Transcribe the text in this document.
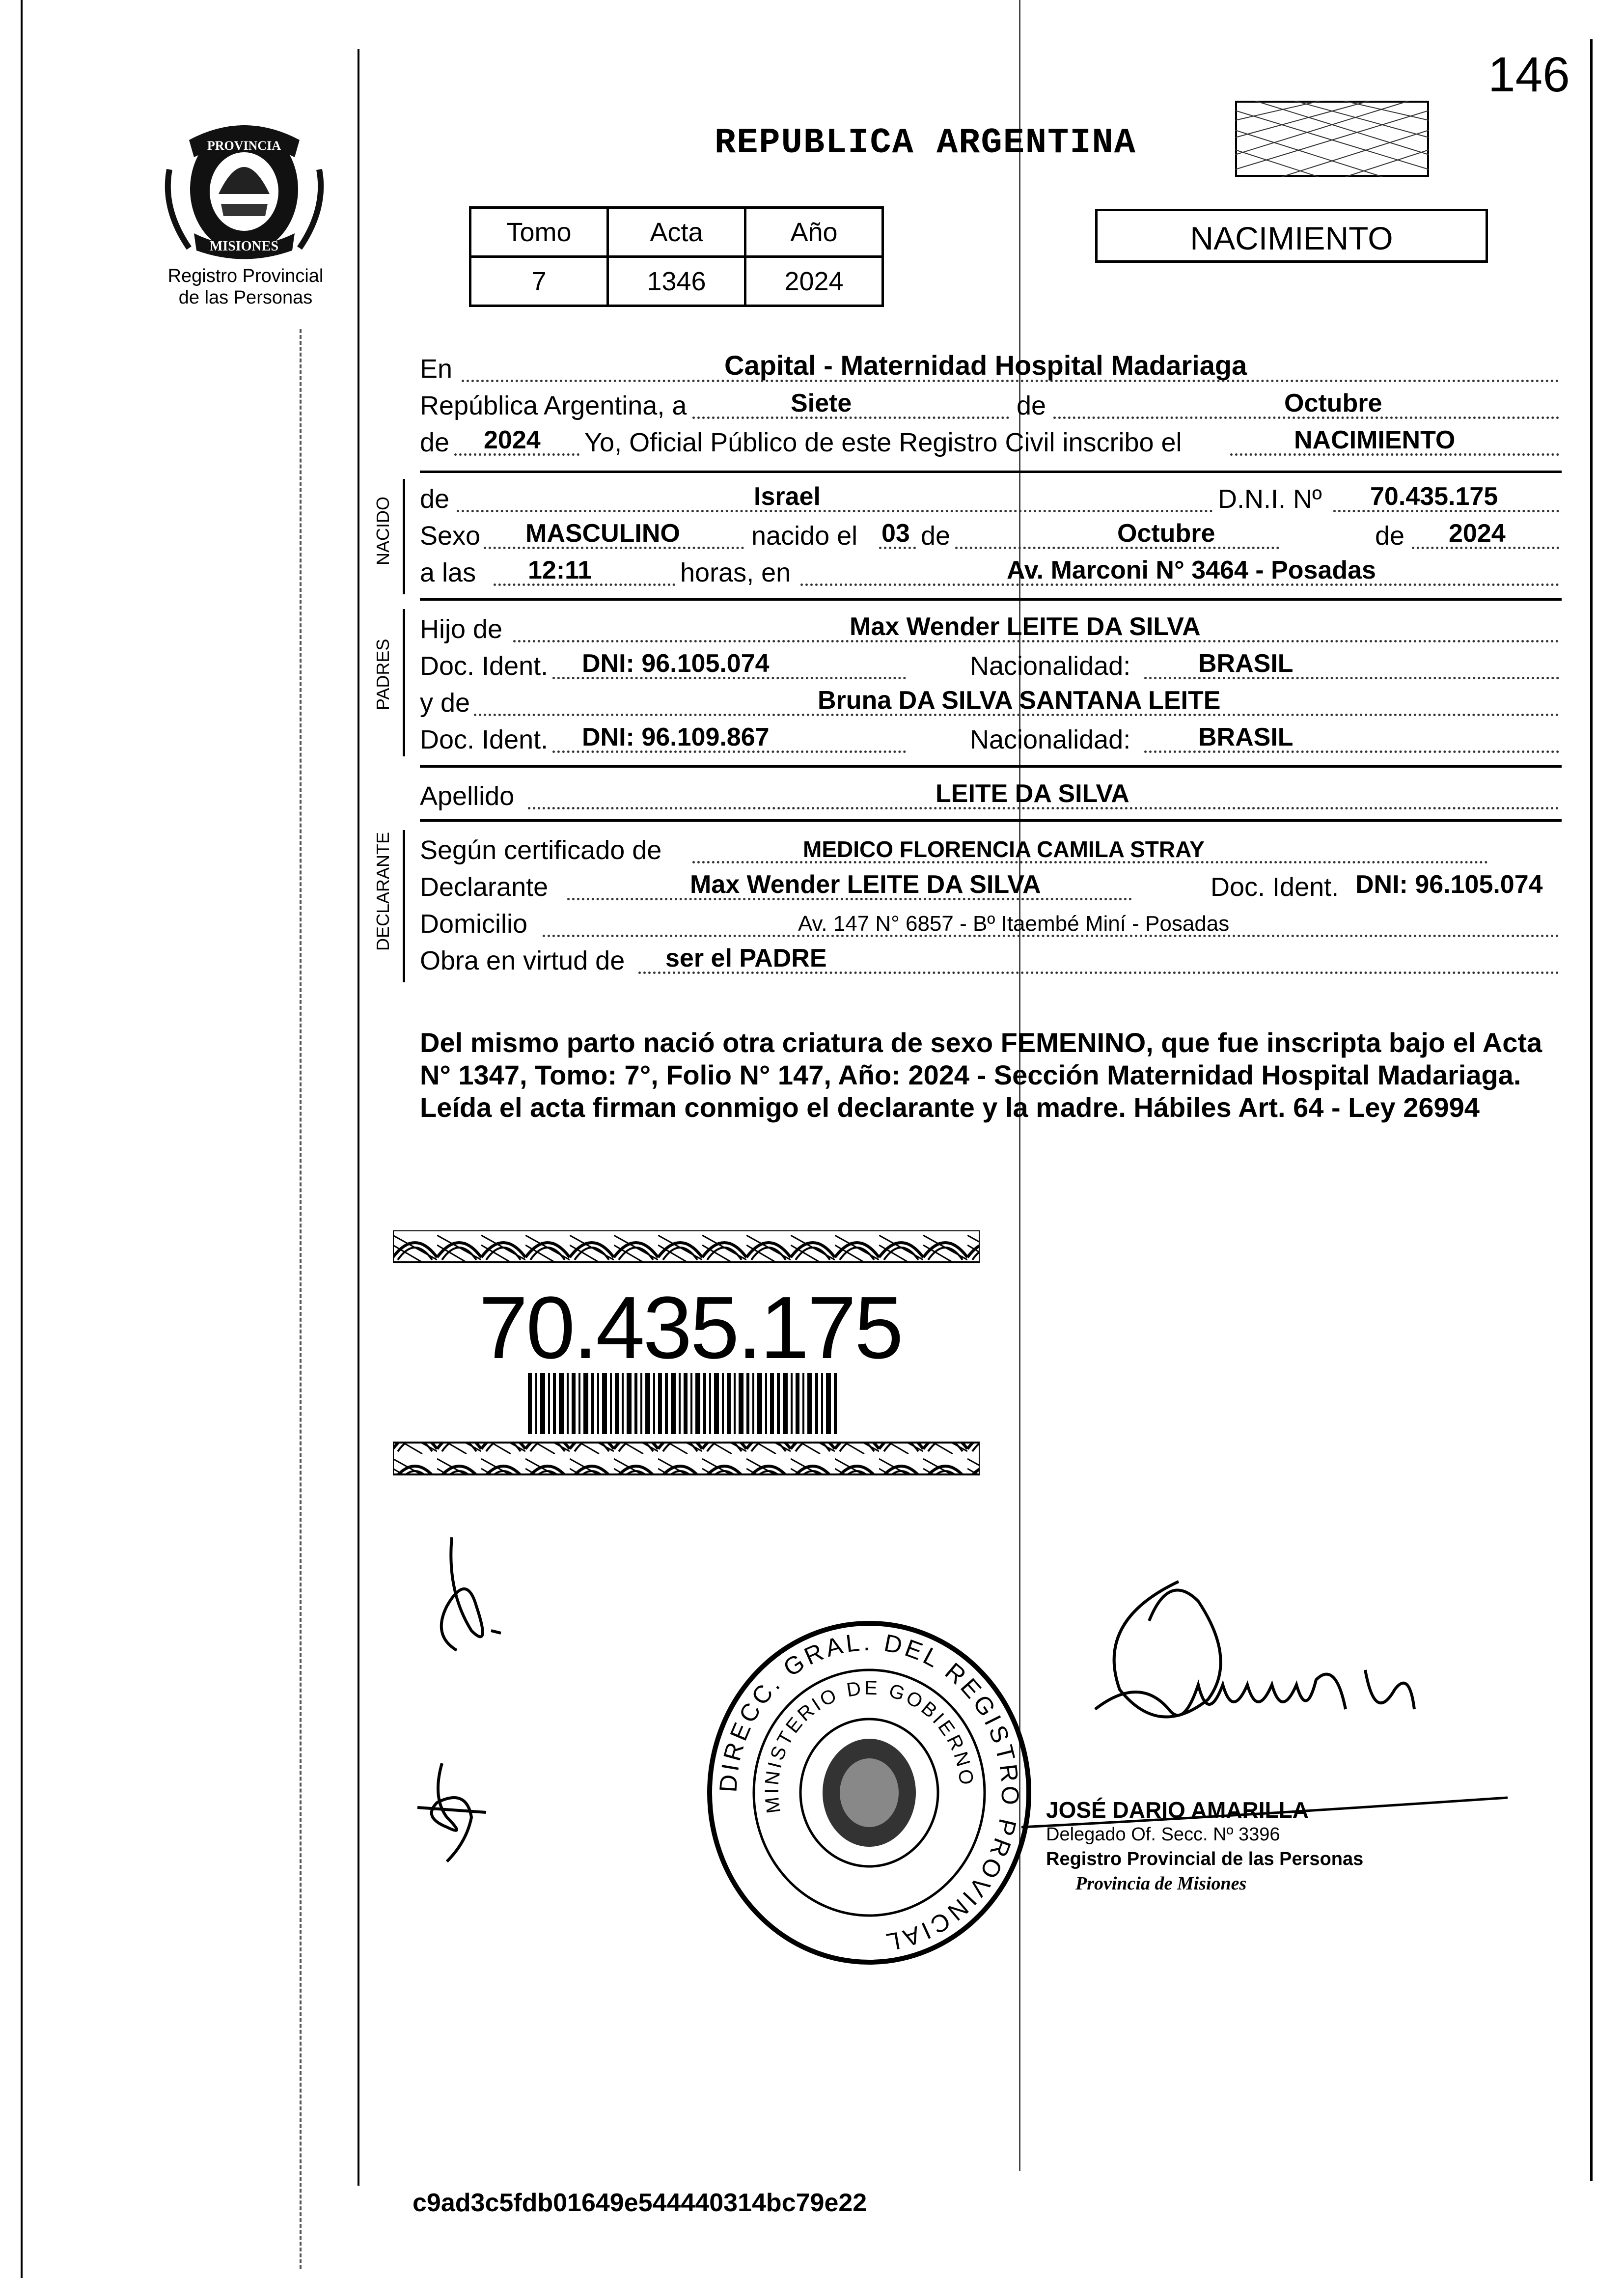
146
REPUBLICA ARGENTINA
PROVINCIA
MISIONES
Registro Provincial
de las Personas
Tomo	Acta	Año
7	1346	2024
NACIMIENTO
En	Capital - Maternidad Hospital Madariaga
República Argentina, a	Siete	de	Octubre
de 2024 Yo, Oficial Público de este Registro Civil inscribo el	NACIMIENTO
NACIDO de	Israel	D.N.I. Nº 70.435.175
Sexo MASCULINO	nacido el 03 de	Octubre	de 2024
a las 12:11	horas, en	Av. Marconi N° 3464 - Posadas
PADRES
Hijo de	Max Wender LEITE DA SILVA
Doc. Ident. DNI: 96.105.074	Nacionalidad:	BRASIL
y de	Bruna DA SILVA SANTANA LEITE
Doc. Ident. DNI: 96.109.867	Nacionalidad:	BRASIL
Apellido	LEITE DA SILVA
DECLARANTE Según certificado de	MEDICO FLORENCIA CAMILA STRAY
Declarante	Max Wender LEITE DA SILVA	Doc. Ident. DNI: 96.105.074
Domicilio	Av. 147 N° 6857 - Bº Itaembé Miní - Posadas
Obra en virtud de ser el PADRE
Del mismo parto nació otra criatura de sexo FEMENINO, que fue inscripta bajo el Acta N° 1347, Tomo: 7°, Folio N° 147, Año: 2024 - Sección Maternidad Hospital Madariaga. Leída el acta firman conmigo el declarante y la madre. Hábiles Art. 64 - Ley 26994
70.435.175
DIRECC. GRAL. DEL REGISTRO PROVINCIAL
MINISTERIO DE GOBIERNO
JOSÉ DARIO AMARILLA
Delegado Of. Secc. Nº 3396
Registro Provincial de las Personas
Provincia de Misiones
c9ad3c5fdb01649e544440314bc79e22
